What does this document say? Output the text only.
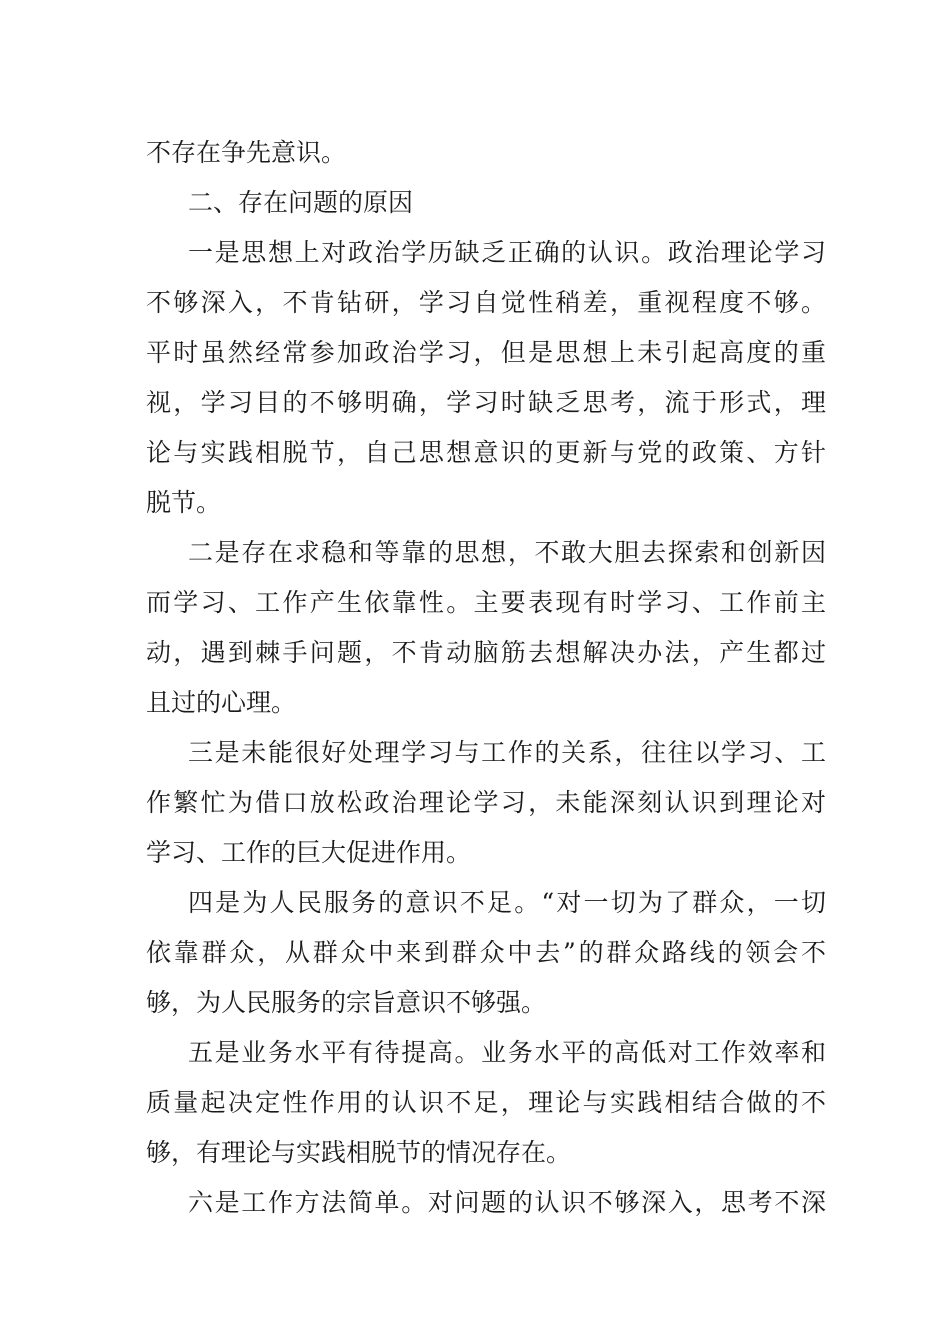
不存在争先意识。
二、存在问题的原因
一是思想上对政治学历缺乏正确的认识。政治理论学习
不够深入，不肯钻研，学习自觉性稍差，重视程度不够。
平时虽然经常参加政治学习，但是思想上未引起高度的重
视，学习目的不够明确，学习时缺乏思考，流于形式，理
论与实践相脱节，自己思想意识的更新与党的政策、方针
脱节。
二是存在求稳和等靠的思想，不敢大胆去探索和创新因
而学习、工作产生依靠性。主要表现有时学习、工作前主
动，遇到棘手问题，不肯动脑筋去想解决办法，产生都过
且过的心理。
三是未能很好处理学习与工作的关系，往往以学习、工
作繁忙为借口放松政治理论学习，未能深刻认识到理论对
学习、工作的巨大促进作用。
四是为人民服务的意识不足。“对一切为了群众，一切
依靠群众，从群众中来到群众中去”的群众路线的领会不
够，为人民服务的宗旨意识不够强。
五是业务水平有待提高。业务水平的高低对工作效率和
质量起决定性作用的认识不足，理论与实践相结合做的不
够，有理论与实践相脱节的情况存在。
六是工作方法简单。对问题的认识不够深入，思考不深
